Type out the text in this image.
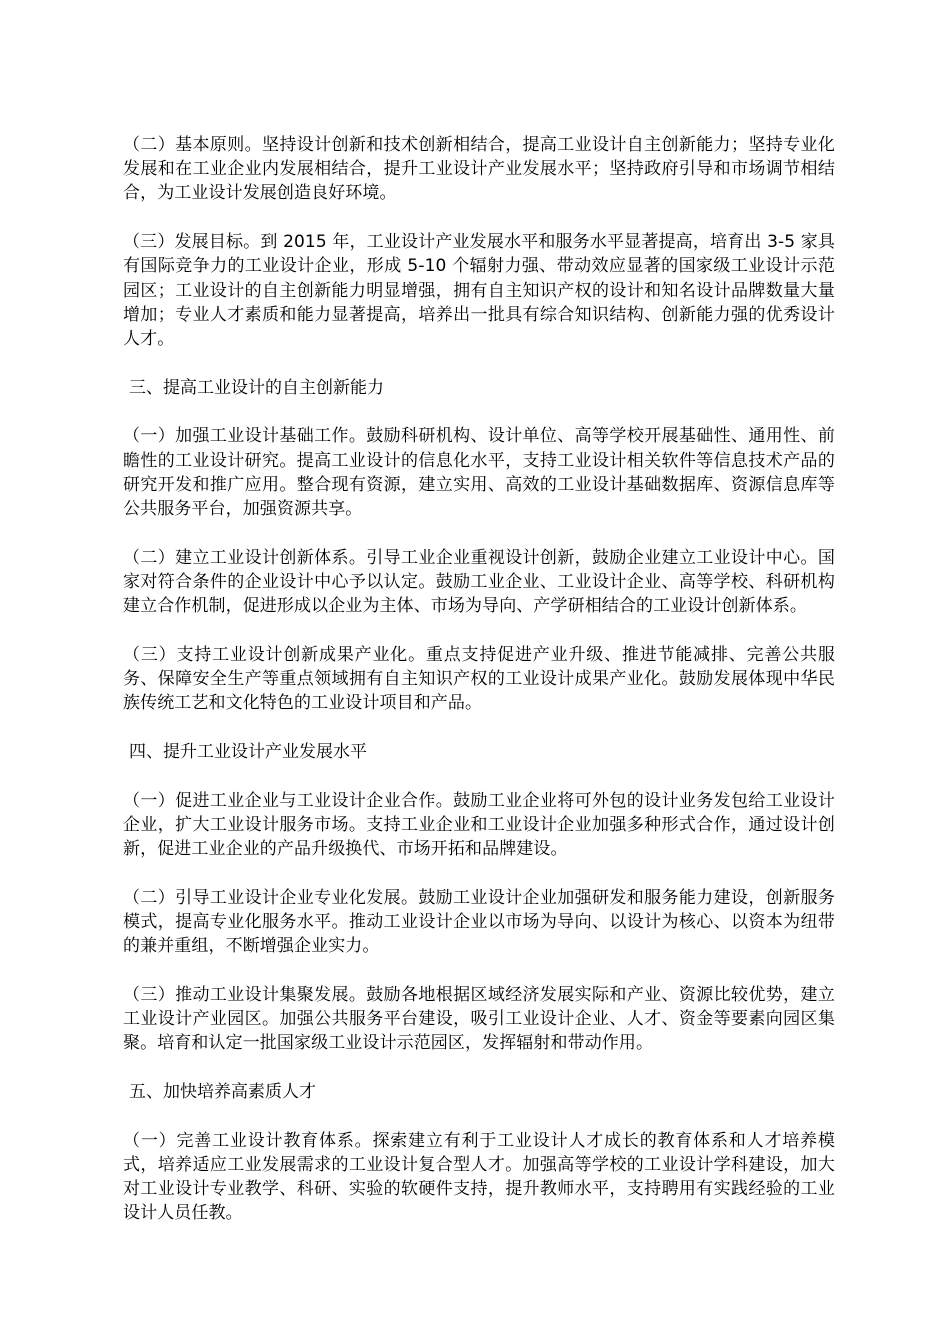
（二）基本原则。坚持设计创新和技术创新相结合，提高工业设计自主创新能力；坚持专业化发展和在工业企业内发展相结合，提升工业设计产业发展水平；坚持政府引导和市场调节相结合，为工业设计发展创造良好环境。

（三）发展目标。到 2015 年，工业设计产业发展水平和服务水平显著提高，培育出 3-5 家具有国际竞争力的工业设计企业，形成 5-10 个辐射力强、带动效应显著的国家级工业设计示范园区；工业设计的自主创新能力明显增强，拥有自主知识产权的设计和知名设计品牌数量大量增加；专业人才素质和能力显著提高，培养出一批具有综合知识结构、创新能力强的优秀设计人才。

三、提高工业设计的自主创新能力

（一）加强工业设计基础工作。鼓励科研机构、设计单位、高等学校开展基础性、通用性、前瞻性的工业设计研究。提高工业设计的信息化水平，支持工业设计相关软件等信息技术产品的研究开发和推广应用。整合现有资源，建立实用、高效的工业设计基础数据库、资源信息库等公共服务平台，加强资源共享。

（二）建立工业设计创新体系。引导工业企业重视设计创新，鼓励企业建立工业设计中心。国家对符合条件的企业设计中心予以认定。鼓励工业企业、工业设计企业、高等学校、科研机构建立合作机制，促进形成以企业为主体、市场为导向、产学研相结合的工业设计创新体系。

（三）支持工业设计创新成果产业化。重点支持促进产业升级、推进节能减排、完善公共服务、保障安全生产等重点领域拥有自主知识产权的工业设计成果产业化。鼓励发展体现中华民族传统工艺和文化特色的工业设计项目和产品。

四、提升工业设计产业发展水平

（一）促进工业企业与工业设计企业合作。鼓励工业企业将可外包的设计业务发包给工业设计企业，扩大工业设计服务市场。支持工业企业和工业设计企业加强多种形式合作，通过设计创新，促进工业企业的产品升级换代、市场开拓和品牌建设。

（二）引导工业设计企业专业化发展。鼓励工业设计企业加强研发和服务能力建设，创新服务模式，提高专业化服务水平。推动工业设计企业以市场为导向、以设计为核心、以资本为纽带的兼并重组，不断增强企业实力。

（三）推动工业设计集聚发展。鼓励各地根据区域经济发展实际和产业、资源比较优势，建立工业设计产业园区。加强公共服务平台建设，吸引工业设计企业、人才、资金等要素向园区集聚。培育和认定一批国家级工业设计示范园区，发挥辐射和带动作用。

五、加快培养高素质人才

（一）完善工业设计教育体系。探索建立有利于工业设计人才成长的教育体系和人才培养模式，培养适应工业发展需求的工业设计复合型人才。加强高等学校的工业设计学科建设，加大对工业设计专业教学、科研、实验的软硬件支持，提升教师水平，支持聘用有实践经验的工业设计人员任教。
